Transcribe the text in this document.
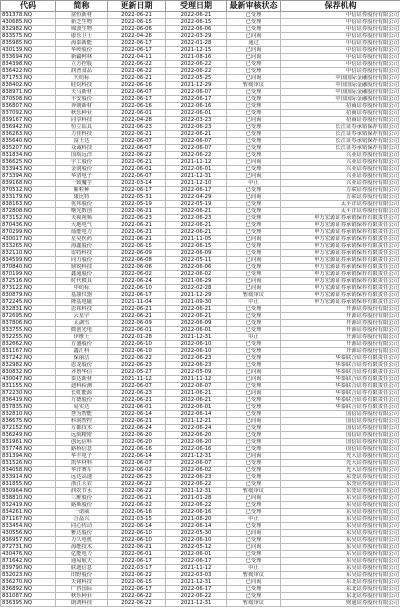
代码	简称	更新日期	受理日期	最新审核状态	保荐机构
831378.NQ	富恒新材	2022-06-21	2022-06-21	已受理	中信证券股份有限公司
430685.NQ	新芝生物	2022-06-15	2022-06-15	已受理	中信证券股份有限公司
832982.NQ	锦波生物	2022-06-06	2022-06-06	已受理	中信证券股份有限公司
833575.NQ	康乐卫士	2022-04-26	2022-03-29	已问询	中信证券股份有限公司
835985.NQ	海泰新能	2022-06-17	2022-01-28	通过	中信证券股份有限公司
430139.NQ	华岭股份	2022-06-17	2021-12-15	已问询	中信证券股份有限公司
833694.NQ	新疆柯林	2022-04-11	2021-08-16	已问询	中信证券股份有限公司
834398.NQ	立方控股	2022-06-22	2022-06-22	已受理	中信证券股份有限公司
836422.NQ	润普食品	2022-06-22	2022-06-22	已受理	中信证券股份有限公司
871753.NQ	天纺标	2022-06-21	2022-05-25	已问询	中国国际金融股份有限公司
838402.NQ	硅烷科技	2022-06-16	2021-12-29	暂缓审议	中国国际金融股份有限公司
838971.NQ	天马新材	2022-06-07	2022-06-07	已受理	中国国际金融股份有限公司
870508.NQ	丰安股份	2022-06-17	2022-06-17	已受理	中国国际金融股份有限公司
836807.NQ	奔朗新材	2022-06-16	2022-06-16	已受理	招商证券股份有限公司
837092.NQ	秋乐种业	2022-06-01	2022-06-01	已受理	招商证券股份有限公司
839167.NQ	同享科技	2022-04-28	2022-03-23	已问询	招商证券股份有限公司
836942.NQ	恒立钻具	2022-06-23	2022-06-23	已受理	长江证券承销保荐有限公司
836263.NQ	力佳科技	2022-06-21	2022-06-21	已受理	长江证券承销保荐有限公司
835640.NQ	富士达	2022-06-07	2022-06-07	已受理	长江证券承销保荐有限公司
835207.NQ	众诚科技	2022-06-07	2022-06-07	已受理	长江证券承销保荐有限公司
831834.NQ	国航远洋	2022-06-22	2022-06-22	已受理	兴业证券股份有限公司
836625.NQ	宇工股份	2022-06-21	2021-11-12	已问询	兴业证券股份有限公司
833943.NQ	金润股份	2022-06-01	2022-06-01	已受理	兴业证券股份有限公司
873394.NQ	华清电子	2022-06-07	2021-12-31	已问询	兴业证券股份有限公司
839168.NQ	一致魔芋	2022-03-14	2021-12-10	中止	兴业证券股份有限公司
870512.NQ	紫粒种	2022-06-17	2022-06-17	已受理	万联证券股份有限公司
833179.NQ	康比特	2022-05-31	2022-04-29	已问询	万联证券股份有限公司
838163.NQ	优邦股份	2022-05-19	2022-05-19	已受理	太平洋证券股份有限公司
872808.NQ	曙光数创	2022-06-21	2022-06-21	已受理	太平洋证券股份有限公司
873152.NQ	天视视频	2022-06-23	2022-06-23	已受理	申万宏源证券承销保荐有限责任公司
870436.NQ	大地电气	2022-06-21	2022-06-21	已受理	申万宏源证券承销保荐有限责任公司
870299.NQ	灿能电力	2022-06-21	2022-06-21	已受理	申万宏源证券承销保荐有限责任公司
430017.NQ	星昊医药	2022-06-21	2021-11-05	已问询	申万宏源证券承销保荐有限责任公司
833265.NQ	海鑫股份	2022-06-15	2022-06-15	已受理	申万宏源证券承销保荐有限责任公司
832110.NQ	雷特科技	2022-06-09	2022-06-09	已受理	申万宏源证券承销保荐有限责任公司
834599.NQ	同力股份	2022-06-08	2022-05-11	已问询	申万宏源证券承销保荐有限责任公司
870840.NQ	鼎锐科技	2022-06-06	2022-06-06	已受理	申万宏源证券承销保荐有限责任公司
870199.NQ	鑫通股份	2022-06-02	2022-06-02	已受理	申万宏源证券承销保荐有限责任公司
872516.NQ	时代模具	2022-06-24	2021-06-29	已问询	申万宏源证券承销保荐有限责任公司
873122.NQ	中纺标	2022-06-10	2022-02-28	已问询	申万宏源证券承销保荐有限责任公司
830879.NQ	基康仪器	2022-06-17	2021-12-29	暂缓审议	申万宏源证券承销保荐有限责任公司
872245.NQ	隆基电磁	2021-11-04	2021-09-30	中止	申万宏源证券承销保荐有限责任公司
832831.NQ	思邦科技	2022-06-21	2022-06-21	已受理	开源证券股份有限公司
872695.NQ	云星宇	2022-06-21	2022-06-21	已受理	开源证券股份有限公司
837806.NQ	太湖雪	2022-06-09	2022-06-09	已受理	开源证券股份有限公司
833755.NQ	微创光电	2022-06-01	2022-06-01	已受理	开源证券股份有限公司
832255.NQ	伊维士	2022-01-28	2021-12-31	中止	开源证券股份有限公司
832662.NQ	方盛股份	2022-06-10	2022-06-10	已受理	开源证券股份有限公司
831167.NQ	鑫汇科	2022-06-10	2022-06-10	已受理	开源证券股份有限公司
837242.NQ	保丽洁	2022-06-22	2022-06-23	已受理	华泰联合证券有限责任公司
832982.NQ	恩龙股份	2022-06-23	2022-06-23	已受理	华泰联合证券有限责任公司
830832.NQ	齐鲁华信	2022-05-27	2022-05-09	已问询	华泰联合证券有限责任公司
430047.NQ	泰达新材	2021-11-12	2021-11-12	已问询	华泰联合证券有限责任公司
831155.NQ	迪科检测	2022-06-07	2022-06-07	已受理	华泰联合证券有限责任公司
872230.NQ	长虹能源	2022-06-23	2021-06-21	已问询	华泰联合证券有限责任公司
836419.NQ	万德股份	2022-06-21	2022-06-21	已受理	华泰联合证券有限责任公司
837835.NQ	易实达	2022-06-01	2022-06-01	已受理	华泰联合证券有限责任公司
832810.NQ	慧为智能	2022-06-14	2022-06-14	已受理	国信证券股份有限公司
836675.NQ	科润智控	2022-06-21	2021-12-21	已问询	国信证券股份有限公司
872152.NQ	万都技术	2022-06-24	2022-06-24	已受理	国信证券股份有限公司
836249.NQ	远航精密	2022-06-20	2022-06-20	已受理	国信证券股份有限公司
831961.NQ	创远信科	2022-06-20	2022-06-20	已受理	国信证券股份有限公司
837748.NQ	路桥信息	2022-06-16	2022-06-16	已受理	国信证券股份有限公司
831394.NQ	华丰电子	2022-06-14	2021-12-31	已问询	光大证券股份有限公司
831526.NQ	凯华材料	2022-06-07	2022-06-07	已受理	光大证券股份有限公司
834058.NQ	华洋赛车	2022-06-02	2022-06-02	已受理	光大证券股份有限公司
833914.NQ	远达高速	2022-06-23	2022-06-23	已受理	东莞证券股份有限公司
831855.NQ	浙江大农	2022-06-22	2022-06-22	已受理	东莞证券股份有限公司
830964.NQ	润农节水	2022-06-22	2021-12-31	暂缓审议	东莞证券股份有限公司
838810.NQ	三维股份	2022-06-21	2021-01-28	已问询	东吴证券股份有限公司
832419.NQ	路斯股份	2022-06-22	2022-06-22	已受理	东吴证券股份有限公司
834261.NQ	一诺威	2022-06-16	2022-06-16	已受理	东吴证券股份有限公司
871167.NQ	合晶兴	2022-03-15	2021-08-20	中止	东吴证券股份有限公司
833454.NQ	同心传动	2022-06-14	2022-06-14	已受理	东吴证券股份有限公司
430556.NQ	雅达股份	2022-06-10	2022-05-30	已问询	东吴证券股份有限公司
836957.NQ	力久电机	2022-06-10	2022-06-10	已受理	东吴证券股份有限公司
872731.NQ	海能技术	2022-06-21	2022-05-12	已问询	东吴证券股份有限公司
430476.NQ	亿能电力	2022-06-01	2022-06-01	已受理	东吴证券股份有限公司
871642.NQ	通易航天	2022-06-17	2022-06-17	已受理	东吴证券股份有限公司
839790.NQ	联迪信息	2022-03-17	2021-11-12	中止	东吴证券股份有限公司
832023.NQ	田野股份	2022-06-22	2022-03-03	暂缓审议	东吴证券股份有限公司
836270.NQ	天铭科技	2022-06-15	2021-12-31	已问询	东北证券股份有限公司
836892.NQ	广咨国际	2022-06-17	2022-06-17	已受理	东北证券股份有限公司
831087.NQ	秋乐种业	2022-06-22	2022-06-22	已受理	东北证券股份有限公司
836395.NQ	朗鸿科技	2022-06-22	2021-12-31	暂缓审议	财通证券股份有限公司
